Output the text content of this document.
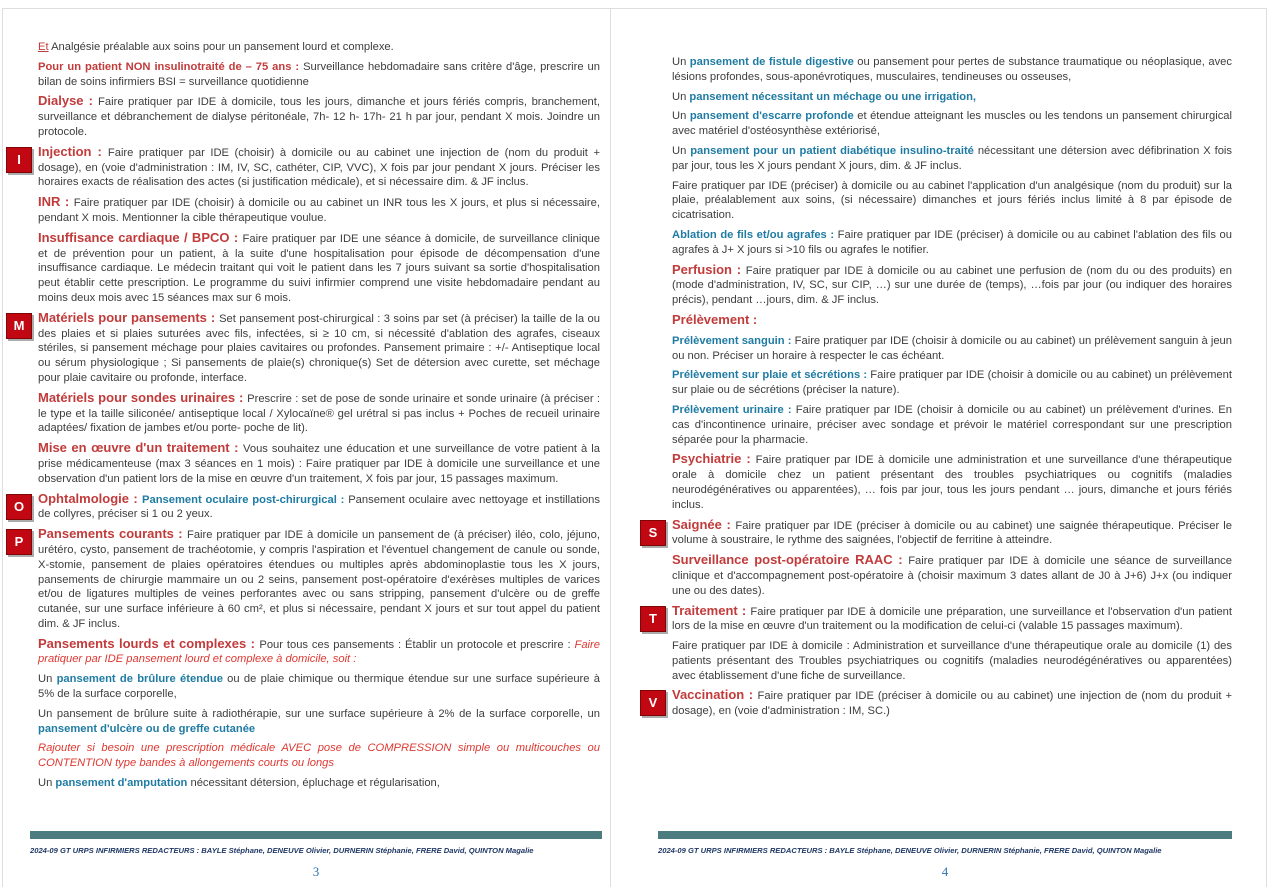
Et Analgésie préalable aux soins pour un pansement lourd et complexe.

Pour un patient NON insulinotraité de – 75 ans : Surveillance hebdomadaire sans critère d'âge, prescrire un bilan de soins infirmiers BSI = surveillance quotidienne

Dialyse : Faire pratiquer par IDE à domicile, tous les jours, dimanche et jours fériés compris, branchement, surveillance et débranchement de dialyse péritonéale, 7h- 12 h- 17h- 21 h par jour, pendant X mois. Joindre un protocole.

I

Injection : Faire pratiquer par IDE (choisir) à domicile ou au cabinet une injection de (nom du produit + dosage), en (voie d'administration : IM, IV, SC, cathéter, CIP, VVC), X fois par jour pendant X jours. Préciser les horaires exacts de réalisation des actes (si justification médicale), et si nécessaire dim. & JF inclus.

INR : Faire pratiquer par IDE (choisir) à domicile ou au cabinet un INR tous les X jours, et plus si nécessaire, pendant X mois. Mentionner la cible thérapeutique voulue.

Insuffisance cardiaque / BPCO : Faire pratiquer par IDE une séance à domicile, de surveillance clinique et de prévention pour un patient, à la suite d'une hospitalisation pour épisode de décompensation d'une insuffisance cardiaque. Le médecin traitant qui voit le patient dans les 7 jours suivant sa sortie d'hospitalisation peut établir cette prescription. Le programme du suivi infirmier comprend une visite hebdomadaire pendant au moins deux mois avec 15 séances max sur 6 mois.

M

Matériels pour pansements : Set pansement post-chirurgical : 3 soins par set (à préciser) la taille de la ou des plaies et si plaies suturées avec fils, infectées, si ≥ 10 cm, si nécessité d'ablation des agrafes, ciseaux stériles, si pansement méchage pour plaies cavitaires ou profondes. Pansement primaire : +/- Antiseptique local ou sérum physiologique ; Si pansements de plaie(s) chronique(s) Set de détersion avec curette, set méchage pour plaie cavitaire ou profonde, interface.

Matériels pour sondes urinaires : Prescrire : set de pose de sonde urinaire et sonde urinaire (à préciser : le type et la taille siliconée/ antiseptique local / Xylocaïne® gel urétral si pas inclus + Poches de recueil urinaire adaptées/ fixation de jambes et/ou porte- poche de lit).

Mise en œuvre d'un traitement : Vous souhaitez une éducation et une surveillance de votre patient à la prise médicamenteuse (max 3 séances en 1 mois) : Faire pratiquer par IDE à domicile une surveillance et une observation d'un patient lors de la mise en œuvre d'un traitement, X fois par jour, 15 passages maximum.

O

Ophtalmologie : Pansement oculaire post-chirurgical : Pansement oculaire avec nettoyage et instillations de collyres, préciser si 1 ou 2 yeux.

P

Pansements courants : Faire pratiquer par IDE à domicile un pansement de (à préciser) iléo, colo, jéjuno, urétéro, cysto, pansement de trachéotomie, y compris l'aspiration et l'éventuel changement de canule ou sonde, X-stomie, pansement de plaies opératoires étendues ou multiples après abdominoplastie tous les X jours, pansements de chirurgie mammaire un ou 2 seins, pansement post-opératoire d'exérèses multiples de varices et/ou de ligatures multiples de veines perforantes avec ou sans stripping, pansement d'ulcère ou de greffe cutanée, sur une surface inférieure à 60 cm², et plus si nécessaire, pendant X jours et sur tout appel du patient dim. & JF inclus.

Pansements lourds et complexes : Pour tous ces pansements : Établir un protocole et prescrire : Faire pratiquer par IDE pansement lourd et complexe à domicile, soit :

Un pansement de brûlure étendue ou de plaie chimique ou thermique étendue sur une surface supérieure à 5% de la surface corporelle,

Un pansement de brûlure suite à radiothérapie, sur une surface supérieure à 2% de la surface corporelle, un pansement d'ulcère ou de greffe cutanée

Rajouter si besoin une prescription médicale AVEC pose de COMPRESSION simple ou multicouches ou CONTENTION type bandes à allongements courts ou longs

Un pansement d'amputation nécessitant détersion, épluchage et régularisation,

Un pansement de fistule digestive ou pansement pour pertes de substance traumatique ou néoplasique, avec lésions profondes, sous-aponévrotiques, musculaires, tendineuses ou osseuses,

Un pansement nécessitant un méchage ou une irrigation,

Un pansement d'escarre profonde et étendue atteignant les muscles ou les tendons un pansement chirurgical avec matériel d'ostéosynthèse extériorisé,

Un pansement pour un patient diabétique insulino-traité nécessitant une détersion avec défibrination X fois par jour, tous les X jours pendant X jours, dim. & JF inclus.

Faire pratiquer par IDE (préciser) à domicile ou au cabinet l'application d'un analgésique (nom du produit) sur la plaie, préalablement aux soins, (si nécessaire) dimanches et jours fériés inclus limité à 8 par épisode de cicatrisation.

Ablation de fils et/ou agrafes : Faire pratiquer par IDE (préciser) à domicile ou au cabinet l'ablation des fils ou agrafes à J+ X jours si >10 fils ou agrafes le notifier.

Perfusion : Faire pratiquer par IDE à domicile ou au cabinet une perfusion de (nom du ou des produits) en (mode d'administration, IV, SC, sur CIP, …) sur une durée de (temps), …fois par jour (ou indiquer des horaires précis), pendant …jours, dim. & JF inclus.

Prélèvement :

Prélèvement sanguin : Faire pratiquer par IDE (choisir à domicile ou au cabinet) un prélèvement sanguin à jeun ou non. Préciser un horaire à respecter le cas échéant.

Prélèvement sur plaie et sécrétions : Faire pratiquer par IDE (choisir à domicile ou au cabinet) un prélèvement sur plaie ou de sécrétions (préciser la nature).

Prélèvement urinaire : Faire pratiquer par IDE (choisir à domicile ou au cabinet) un prélèvement d'urines. En cas d'incontinence urinaire, préciser avec sondage et prévoir le matériel correspondant sur une prescription séparée pour la pharmacie.

Psychiatrie : Faire pratiquer par IDE à domicile une administration et une surveillance d'une thérapeutique orale à domicile chez un patient présentant des troubles psychiatriques ou cognitifs (maladies neurodégénératives ou apparentées), … fois par jour, tous les jours pendant … jours, dimanche et jours fériés inclus.

S

Saignée : Faire pratiquer par IDE (préciser à domicile ou au cabinet) une saignée thérapeutique. Préciser le volume à soustraire, le rythme des saignées, l'objectif de ferritine à atteindre.

Surveillance post-opératoire RAAC : Faire pratiquer par IDE à domicile une séance de surveillance clinique et d'accompagnement post-opératoire à (choisir maximum 3 dates allant de J0 à J+6) J+x (ou indiquer une ou des dates).

T

Traitement : Faire pratiquer par IDE à domicile une préparation, une surveillance et l'observation d'un patient lors de la mise en œuvre d'un traitement ou la modification de celui-ci (valable 15 passages maximum).

Faire pratiquer par IDE à domicile : Administration et surveillance d'une thérapeutique orale au domicile (1) des patients présentant des Troubles psychiatriques ou cognitifs (maladies neurodégénératives ou apparentées) avec établissement d'une fiche de surveillance.

V

Vaccination : Faire pratiquer par IDE (préciser à domicile ou au cabinet) une injection de (nom du produit + dosage), en (voie d'administration : IM, SC.)

2024-09 GT URPS INFIRMIERS REDACTEURS : BAYLE Stéphane, DENEUVE Olivier, DURNERIN Stéphanie, FRERE David, QUINTON Magalie
3
2024-09 GT URPS INFIRMIERS REDACTEURS : BAYLE Stéphane, DENEUVE Olivier, DURNERIN Stéphanie, FRERE David, QUINTON Magalie
4
